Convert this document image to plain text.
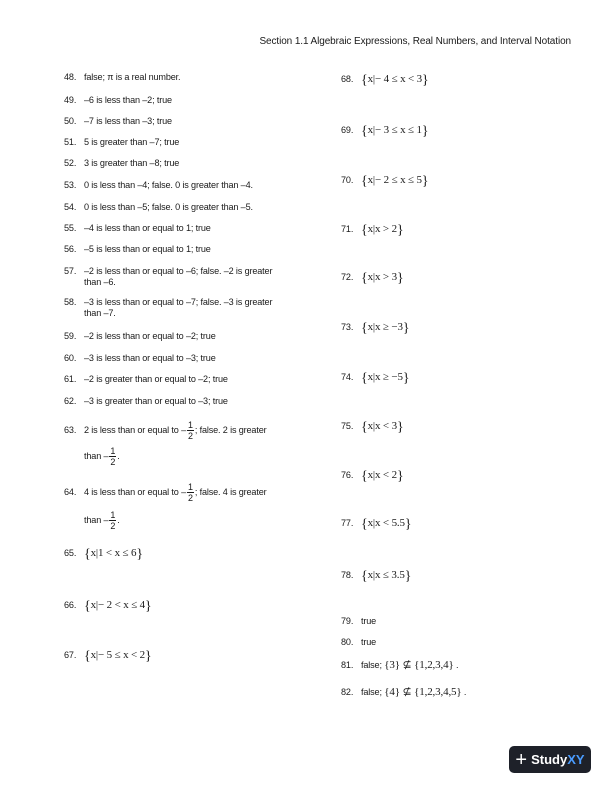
Section 1.1 Algebraic Expressions, Real Numbers, and Interval Notation
48. false; π is a real number.
49. –6 is less than –2; true
50. –7 is less than –3; true
51. 5 is greater than –7; true
52. 3 is greater than –8; true
53. 0 is less than –4; false. 0 is greater than –4.
54. 0 is less than –5; false. 0 is greater than –5.
55. –4 is less than or equal to 1; true
56. –5 is less than or equal to 1; true
57. –2 is less than or equal to –6; false. –2 is greater
than –6.
58. –3 is less than or equal to –7; false. –3 is greater
than –7.
59. –2 is less than or equal to –2; true
60. –3 is less than or equal to –3; true
61. –2 is greater than or equal to –2; true
62. –3 is greater than or equal to –3; true
63. 2 is less than or equal to – $\frac{1}{2}$ ; false. 2 is greater
than – $\frac{1}{2}$ .
64. 4 is less than or equal to – $\frac{1}{2}$ ; false. 4 is greater
than – $\frac{1}{2}$ .
65. {x|1 < x ≤ 6}
66. {x|− 2 < x ≤ 4}
67. {x|− 5 ≤ x < 2}
68. {x|− 4 ≤ x < 3}
69. {x|− 3 ≤ x ≤ 1}
70. {x|− 2 ≤ x ≤ 5}
71. {x|x > 2}
72. {x|x > 3}
73. {x|x ≥ −3}
74. {x|x ≥ −5}
75. {x|x < 3}
76. {x|x < 2}
77. {x|x < 5.5}
78. {x|x ≤ 3.5}
79. true
80. true
81. false; {3} ⊈ {1,2,3,4} .
82. false; {4} ⊈ {1,2,3,4,5} .
+ StudyXY
